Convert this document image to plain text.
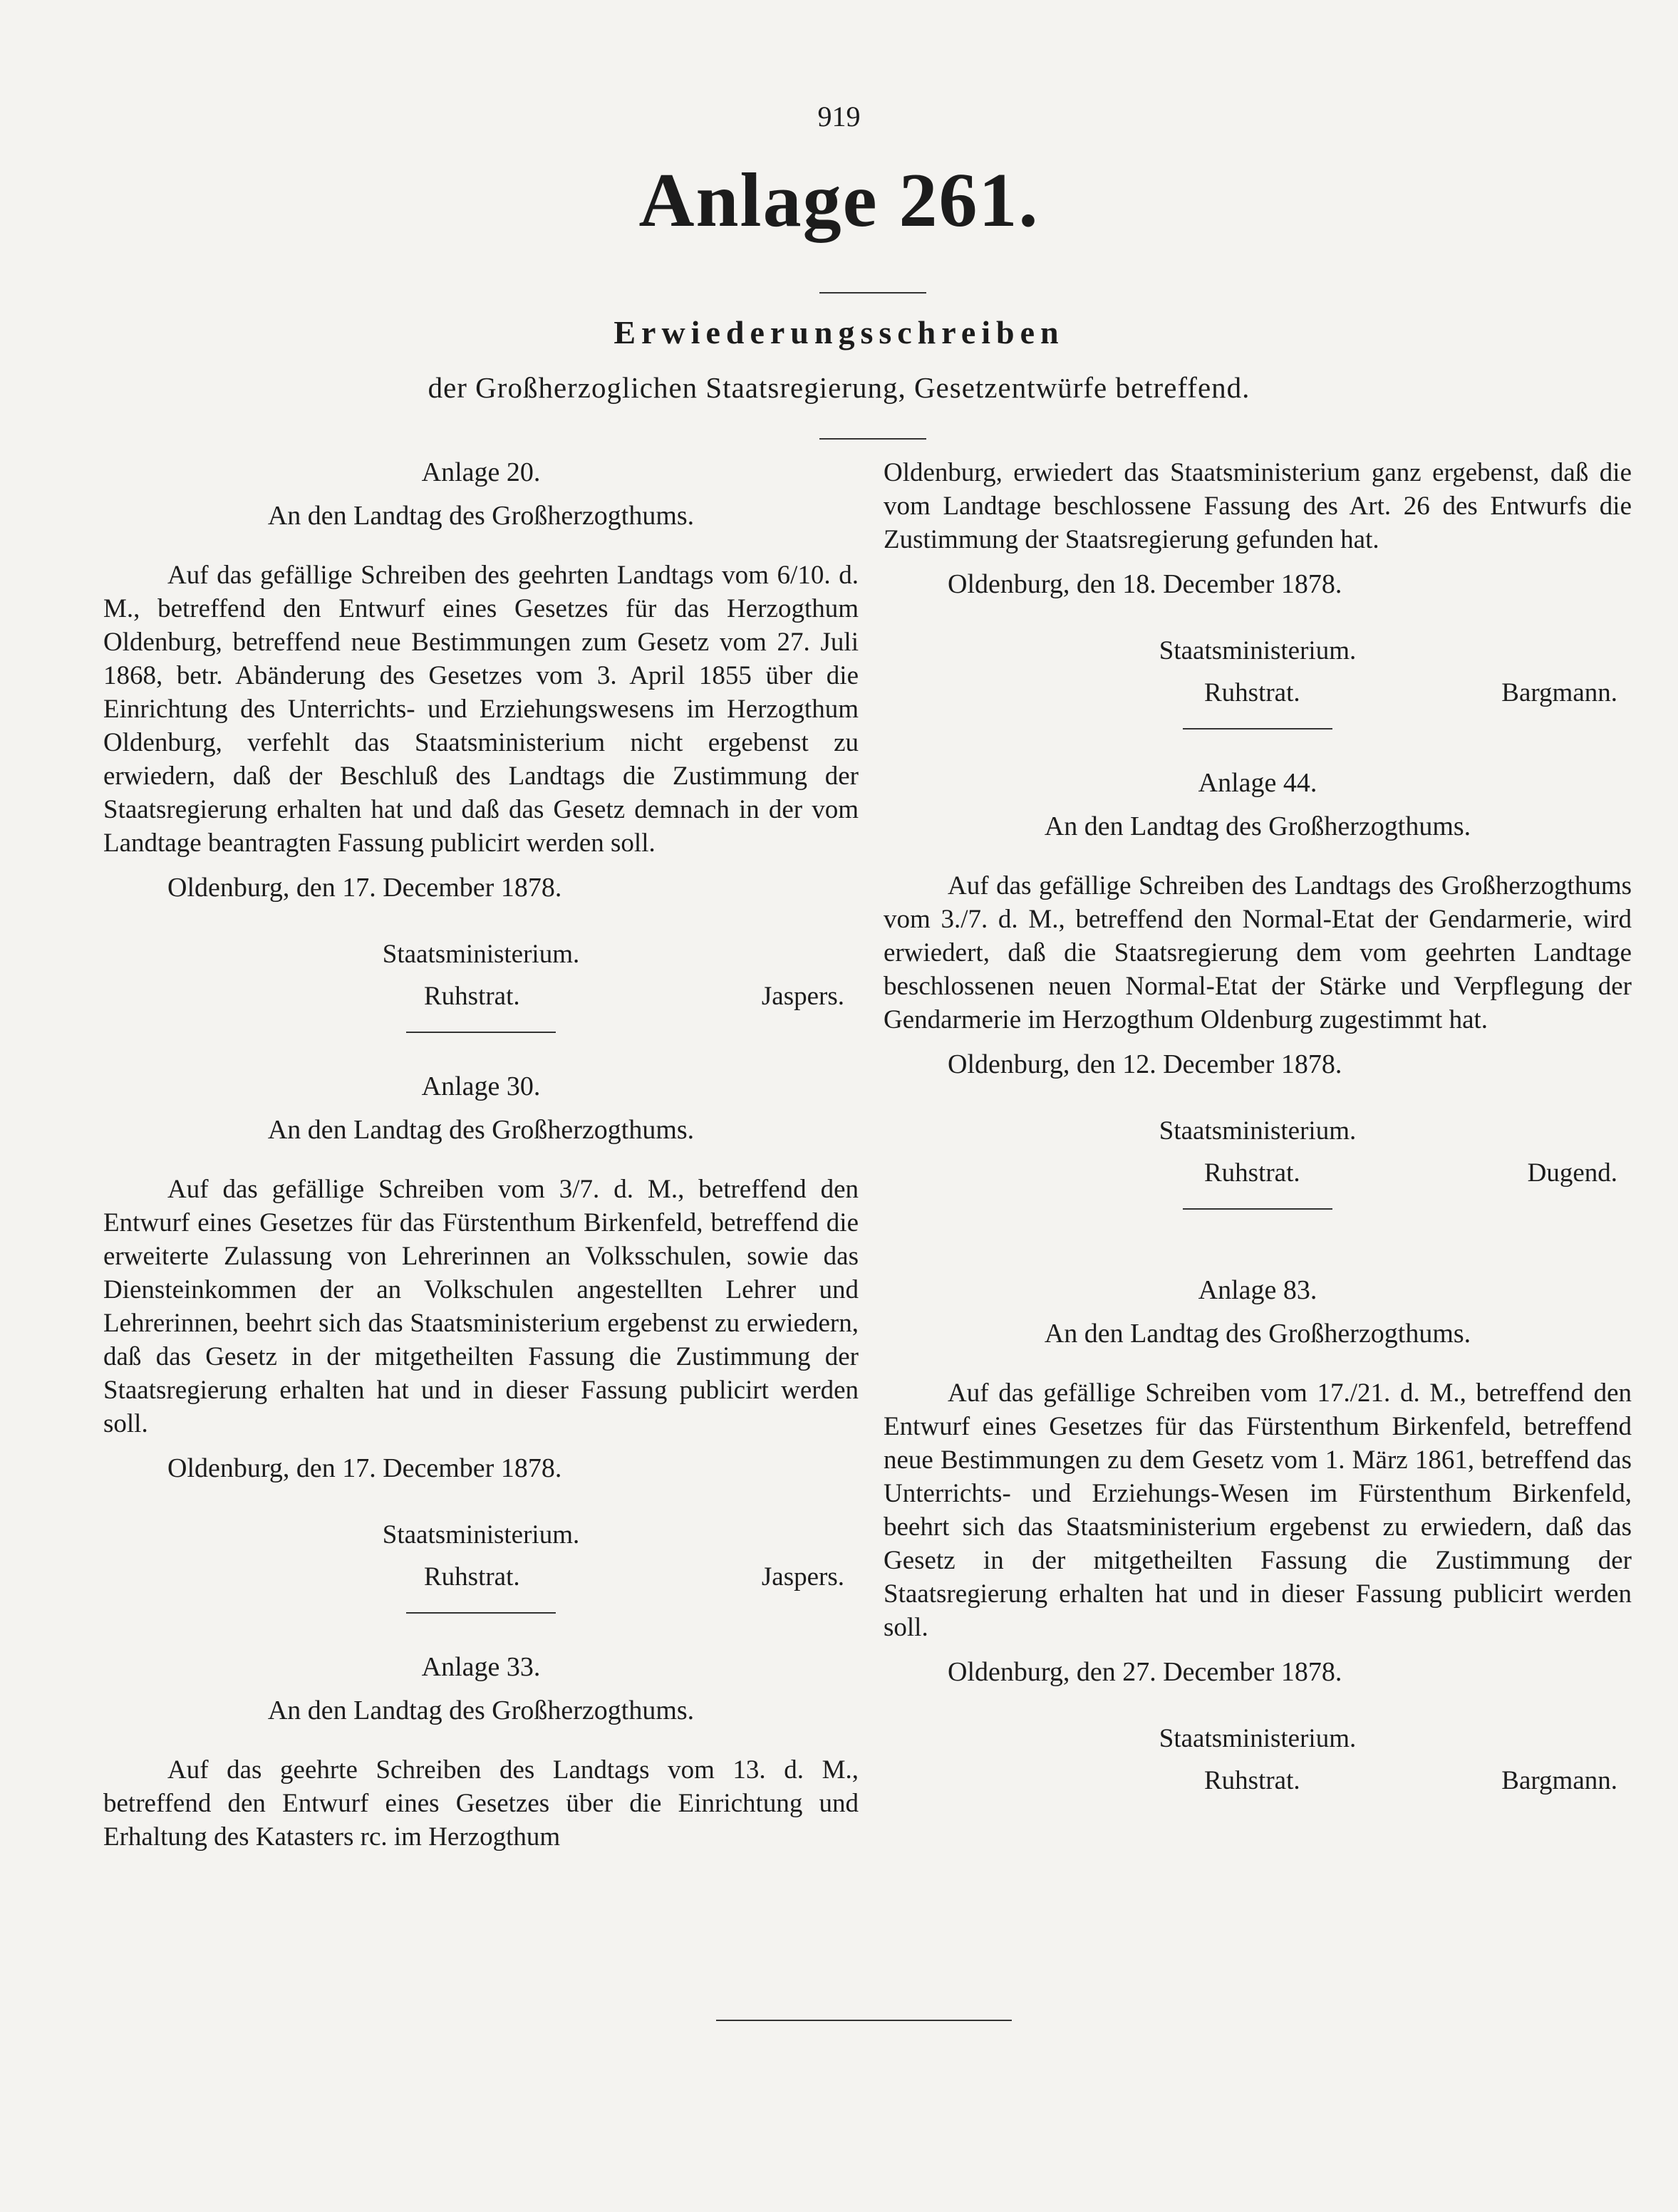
919
Anlage 261.
Erwiederungsschreiben
der Großherzoglichen Staatsregierung, Gesetzentwürfe betreffend.

Anlage 20.

An den Landtag des Großherzogthums.

Auf das gefällige Schreiben des geehrten Landtags vom 6/10. d. M., betreffend den Entwurf eines Gesetzes für das Herzogthum Oldenburg, betreffend neue Bestimmungen zum Gesetz vom 27. Juli 1868, betr. Abänderung des Gesetzes vom 3. April 1855 über die Einrichtung des Unterrichts- und Erziehungswesens im Herzogthum Oldenburg, verfehlt das Staatsministerium nicht ergebenst zu erwiedern, daß der Beschluß des Landtags die Zustimmung der Staatsregierung erhalten hat und daß das Gesetz demnach in der vom Landtage beantragten Fassung publicirt werden soll.

Oldenburg, den 17. December 1878.
Staatsministerium.
Ruhstrat.	Jaspers.

Anlage 30.

An den Landtag des Großherzogthums.

Auf das gefällige Schreiben vom 3/7. d. M., betreffend den Entwurf eines Gesetzes für das Fürstenthum Birkenfeld, betreffend die erweiterte Zulassung von Lehrerinnen an Volksschulen, sowie das Diensteinkommen der an Volkschulen angestellten Lehrer und Lehrerinnen, beehrt sich das Staatsministerium ergebenst zu erwiedern, daß das Gesetz in der mitgetheilten Fassung die Zustimmung der Staatsregierung erhalten hat und in dieser Fassung publicirt werden soll.

Oldenburg, den 17. December 1878.
Staatsministerium.
Ruhstrat.	Jaspers.

Anlage 33.

An den Landtag des Großherzogthums.

Auf das geehrte Schreiben des Landtags vom 13. d. M., betreffend den Entwurf eines Gesetzes über die Einrichtung und Erhaltung des Katasters rc. im Herzogthum

Oldenburg, erwiedert das Staatsministerium ganz ergebenst, daß die vom Landtage beschlossene Fassung des Art. 26 des Entwurfs die Zustimmung der Staatsregierung gefunden hat.

Oldenburg, den 18. December 1878.
Staatsministerium.
Ruhstrat.	Bargmann.

Anlage 44.

An den Landtag des Großherzogthums.

Auf das gefällige Schreiben des Landtags des Großherzogthums vom 3./7. d. M., betreffend den Normal-Etat der Gendarmerie, wird erwiedert, daß die Staatsregierung dem vom geehrten Landtage beschlossenen neuen Normal-Etat der Stärke und Verpflegung der Gendarmerie im Herzogthum Oldenburg zugestimmt hat.

Oldenburg, den 12. December 1878.
Staatsministerium.
Ruhstrat.	Dugend.

Anlage 83.

An den Landtag des Großherzogthums.

Auf das gefällige Schreiben vom 17./21. d. M., betreffend den Entwurf eines Gesetzes für das Fürstenthum Birkenfeld, betreffend neue Bestimmungen zu dem Gesetz vom 1. März 1861, betreffend das Unterrichts- und Erziehungs-Wesen im Fürstenthum Birkenfeld, beehrt sich das Staatsministerium ergebenst zu erwiedern, daß das Gesetz in der mitgetheilten Fassung die Zustimmung der Staatsregierung erhalten hat und in dieser Fassung publicirt werden soll.

Oldenburg, den 27. December 1878.
Staatsministerium.
Ruhstrat.	Bargmann.
